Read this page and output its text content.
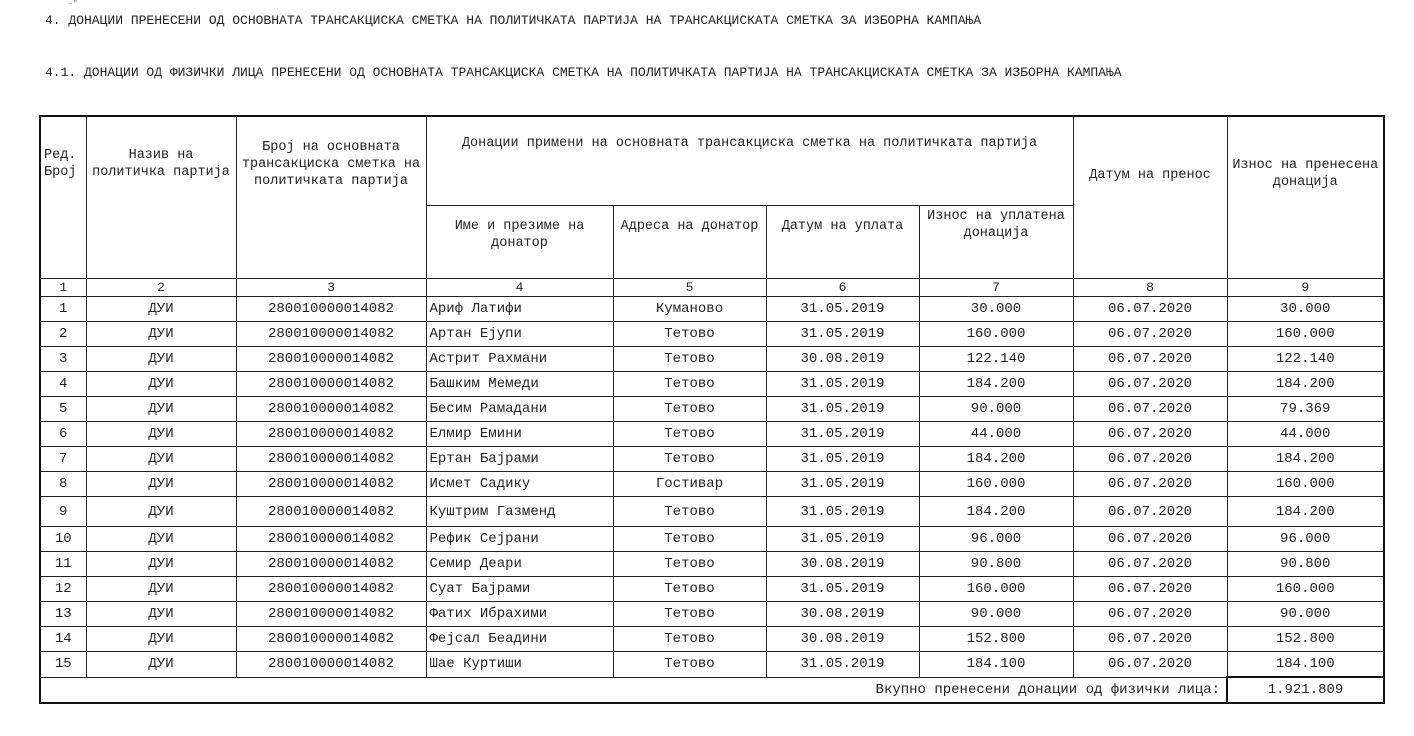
-"
4. ДОНАЦИИ ПРЕНЕСЕНИ ОД ОСНОВНАТА ТРАНСАКЦИСКА СМЕТКА НА ПОЛИТИЧКАТА ПАРТИЈА НА ТРАНСАКЦИСКАТА СМЕТКА ЗА ИЗБОРНА КАМПАЊА
4.1. ДОНАЦИИ ОД ФИЗИЧКИ ЛИЦА ПРЕНЕСЕНИ ОД ОСНОВНАТА ТРАНСАКЦИСКА СМЕТКА НА ПОЛИТИЧКАТА ПАРТИЈА НА ТРАНСАКЦИСКАТА СМЕТКА ЗА ИЗБОРНА КАМПАЊА
Ред.Број	Назив на политичка партија	Број на основната трансакциска сметка на политичката партија	Донации примени на основната трансакциска сметка на политичката партија				Датум на пренос	Износ на пренесена донација
			Име и презиме на донатор	Адреса на донатор	Датум на уплата	Износ на уплатена донација		
1	2	3	4	5	6	7	8	9
1	ДУИ	280010000014082	Ариф Латифи	Куманово	31.05.2019	30.000	06.07.2020	30.000
2	ДУИ	280010000014082	Артан Ејупи	Тетово	31.05.2019	160.000	06.07.2020	160.000
3	ДУИ	280010000014082	Астрит Рахмани	Тетово	30.08.2019	122.140	06.07.2020	122.140
4	ДУИ	280010000014082	Башким Мемеди	Тетово	31.05.2019	184.200	06.07.2020	184.200
5	ДУИ	280010000014082	Бесим Рамадани	Тетово	31.05.2019	90.000	06.07.2020	79.369
6	ДУИ	280010000014082	Елмир Емини	Тетово	31.05.2019	44.000	06.07.2020	44.000
7	ДУИ	280010000014082	Ертан Бајрами	Тетово	31.05.2019	184.200	06.07.2020	184.200
8	ДУИ	280010000014082	Исмет Садику	Гостивар	31.05.2019	160.000	06.07.2020	160.000
9	ДУИ	280010000014082	Куштрим Газменд	Тетово	31.05.2019	184.200	06.07.2020	184.200
10	ДУИ	280010000014082	Рефик Сејрани	Тетово	31.05.2019	96.000	06.07.2020	96.000
11	ДУИ	280010000014082	Семир Деари	Тетово	30.08.2019	90.800	06.07.2020	90.800
12	ДУИ	280010000014082	Суат Бајрами	Тетово	31.05.2019	160.000	06.07.2020	160.000
13	ДУИ	280010000014082	Фатих Ибрахими	Тетово	30.08.2019	90.000	06.07.2020	90.000
14	ДУИ	280010000014082	Фејсал Беадини	Тетово	30.08.2019	152.800	06.07.2020	152.800
15	ДУИ	280010000014082	Шае Куртиши	Тетово	31.05.2019	184.100	06.07.2020	184.100
Вкупно пренесени донации од физички лица:								1.921.809
